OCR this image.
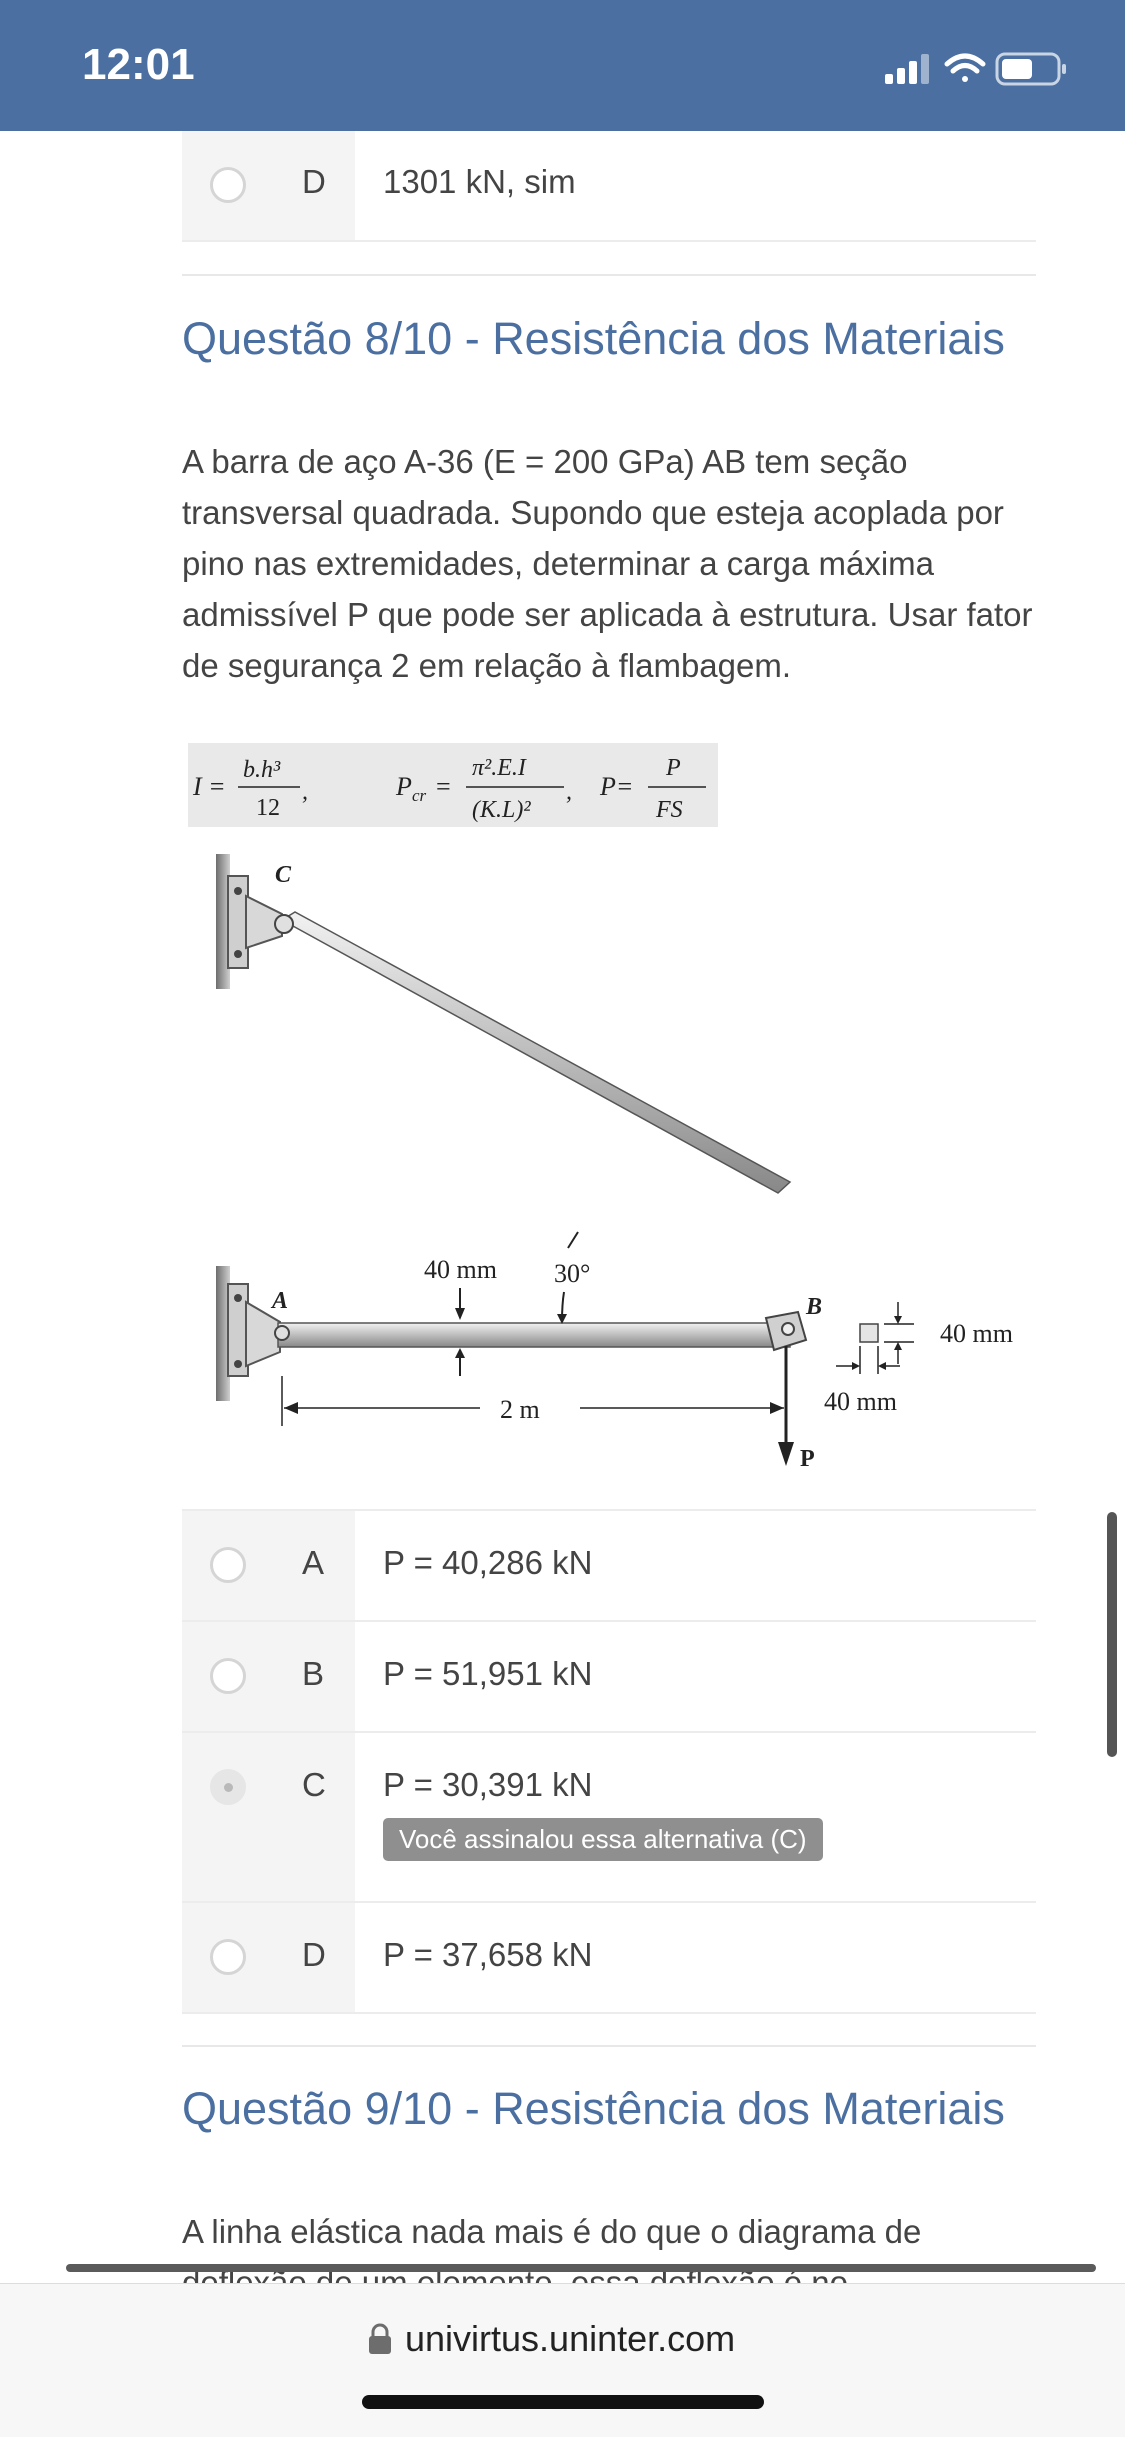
12:01
D 1301 kN, sim
Questão 8/10 - Resistência dos Materiais
A barra de aço A-36 (E = 200 GPa) AB tem seção transversal quadrada. Supondo que esteja acoplada por pino nas extremidades, determinar a carga máxima admissível P que pode ser aplicada à estrutura. Usar fator de segurança 2 em relação à flambagem.
I =
b.h³
12
,	P cr =
π².E.I
(K.L)²
, P=
P
FS
C
A	B
P
40 mm 30°
2 m
40 mm
40 mm
A P = 40,286 kN
B P = 51,951 kN
C P = 30,391 kN
Você assinalou essa alternativa (C)
D P = 37,658 kN
Questão 9/10 - Resistência dos Materiais
A linha elástica nada mais é do que o diagrama de
univirtus.uninter.com
